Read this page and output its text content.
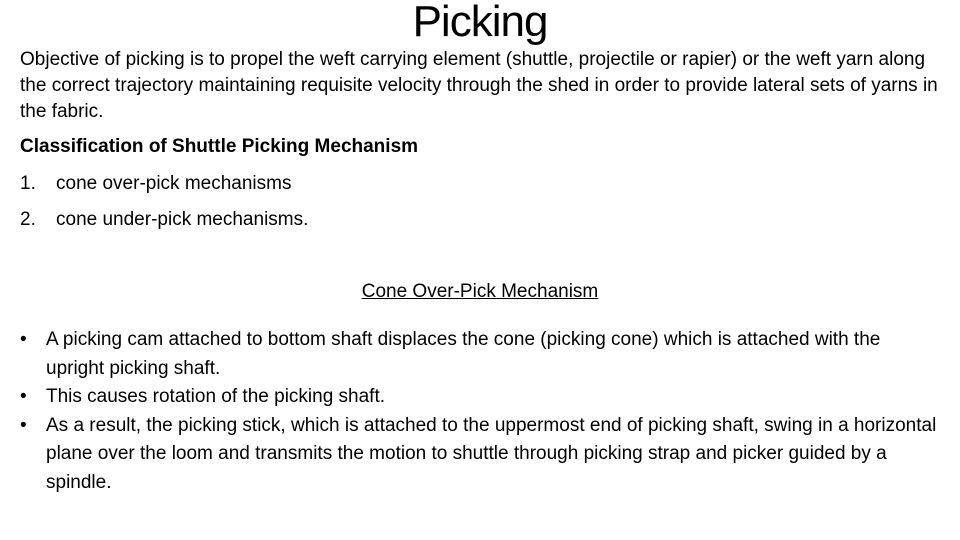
Picking

Objective of picking is to propel the weft carrying element (shuttle, projectile or rapier) or the weft yarn along the correct trajectory maintaining requisite velocity through the shed in order to provide lateral sets of yarns in the fabric.

Classification of Shuttle Picking Mechanism

1.	cone over-pick mechanisms
2.	cone under-pick mechanisms.

Cone Over-Pick Mechanism

•	A picking cam attached to bottom shaft displaces the cone (picking cone) which is attached with the upright picking shaft.
•	This causes rotation of the picking shaft.
•	As a result, the picking stick, which is attached to the uppermost end of picking shaft, swing in a horizontal plane over the loom and transmits the motion to shuttle through picking strap and picker guided by a spindle.
